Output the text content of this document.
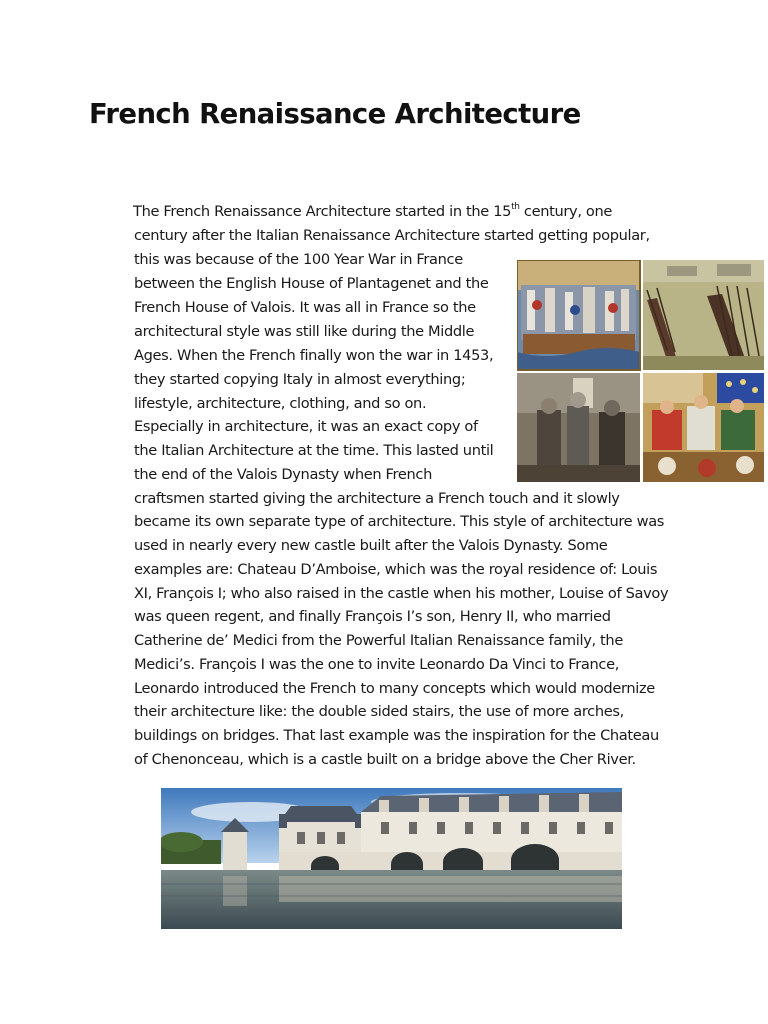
French Renaissance Architecture

The French Renaissance Architecture started in the 15th century, one

century after the Italian Renaissance Architecture started getting popular,

this was because of the 100 Year War in France

between the English House of Plantagenet and the

French House of Valois. It was all in France so the

architectural style was still like during the Middle

Ages. When the French finally won the war in 1453,

they started copying Italy in almost everything;

lifestyle, architecture, clothing, and so on.

Especially in architecture, it was an exact copy of

the Italian Architecture at the time. This lasted until

the end of the Valois Dynasty when French

craftsmen started giving the architecture a French touch and it slowly

became its own separate type of architecture. This style of architecture was

used in nearly every new castle built after the Valois Dynasty. Some

examples are: Chateau D’Amboise, which was the royal residence of: Louis

XI, François I; who also raised in the castle when his mother, Louise of Savoy

was queen regent, and finally François I’s son, Henry II, who married

Catherine de’ Medici from the Powerful Italian Renaissance family, the

Medici’s. François I was the one to invite Leonardo Da Vinci to France,

Leonardo introduced the French to many concepts which would modernize

their architecture like: the double sided stairs, the use of more arches,

buildings on bridges. That last example was the inspiration for the Chateau

of Chenonceau, which is a castle built on a bridge above the Cher River.
